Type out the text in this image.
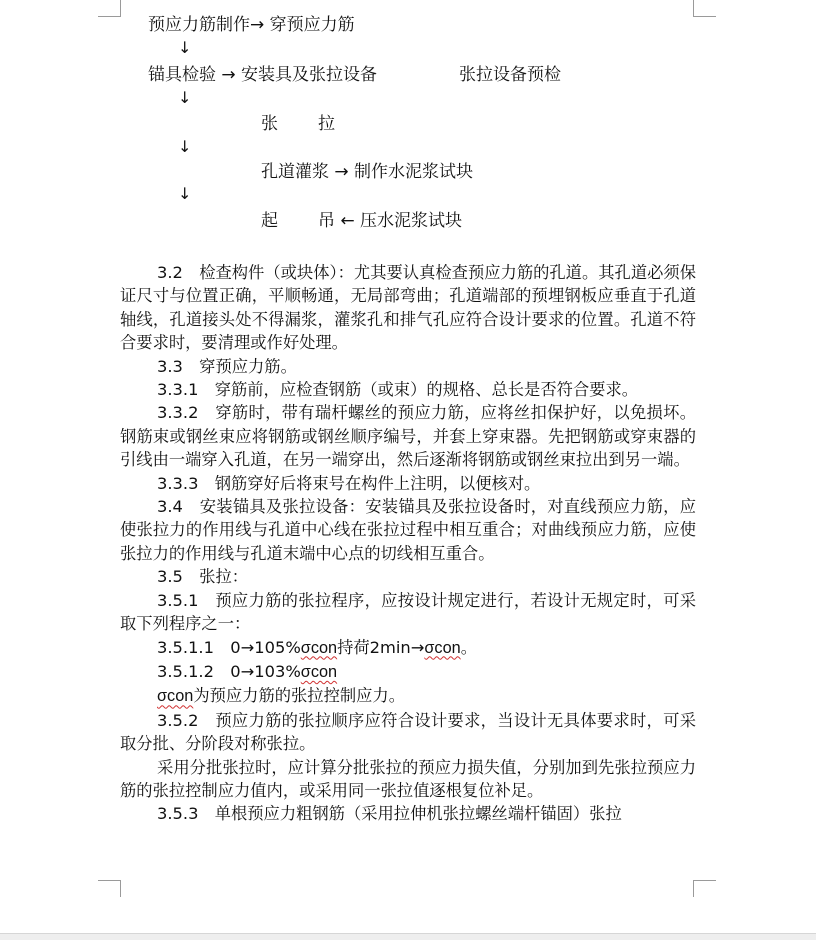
预应力筋制作→ 穿预应力筋
↓
锚具检验 → 安装具及张拉设备	张拉设备预检
↓
张 拉
↓
孔道灌浆 → 制作水泥浆试块
↓
起 吊 ← 压水泥浆试块

3.2　检查构件（或块体）：尤其要认真检查预应力筋的孔道。其孔道必须保证尺寸与位置正确，平顺畅通，无局部弯曲；孔道端部的预埋钢板应垂直于孔道轴线，孔道接头处不得漏浆，灌浆孔和排气孔应符合设计要求的位置。孔道不符合要求时，要清理或作好处理。

3.3　穿预应力筋。

3.3.1　穿筋前，应检查钢筋（或束）的规格、总长是否符合要求。

3.3.2　穿筋时，带有瑞杆螺丝的预应力筋，应将丝扣保护好，以免损坏。钢筋束或钢丝束应将钢筋或钢丝顺序编号，并套上穿束器。先把钢筋或穿束器的引线由一端穿入孔道，在另一端穿出，然后逐渐将钢筋或钢丝束拉出到另一端。

3.3.3　钢筋穿好后将束号在构件上注明，以便核对。

3.4　安装锚具及张拉设备：安装锚具及张拉设备时，对直线预应力筋，应使张拉力的作用线与孔道中心线在张拉过程中相互重合；对曲线预应力筋，应使张拉力的作用线与孔道末端中心点的切线相互重合。

3.5　张拉：

3.5.1　预应力筋的张拉程序，应按设计规定进行，若设计无规定时，可采取下列程序之一：

3.5.1.1　0→105%σcon持荷2min→σcon。

3.5.1.2　0→103%σcon

σcon为预应力筋的张拉控制应力。

3.5.2　预应力筋的张拉顺序应符合设计要求，当设计无具体要求时，可采取分批、分阶段对称张拉。

采用分批张拉时，应计算分批张拉的预应力损失值，分别加到先张拉预应力筋的张拉控制应力值内，或采用同一张拉值逐根复位补足。

3.5.3　单根预应力粗钢筋（采用拉伸机张拉螺丝端杆锚固）张拉
